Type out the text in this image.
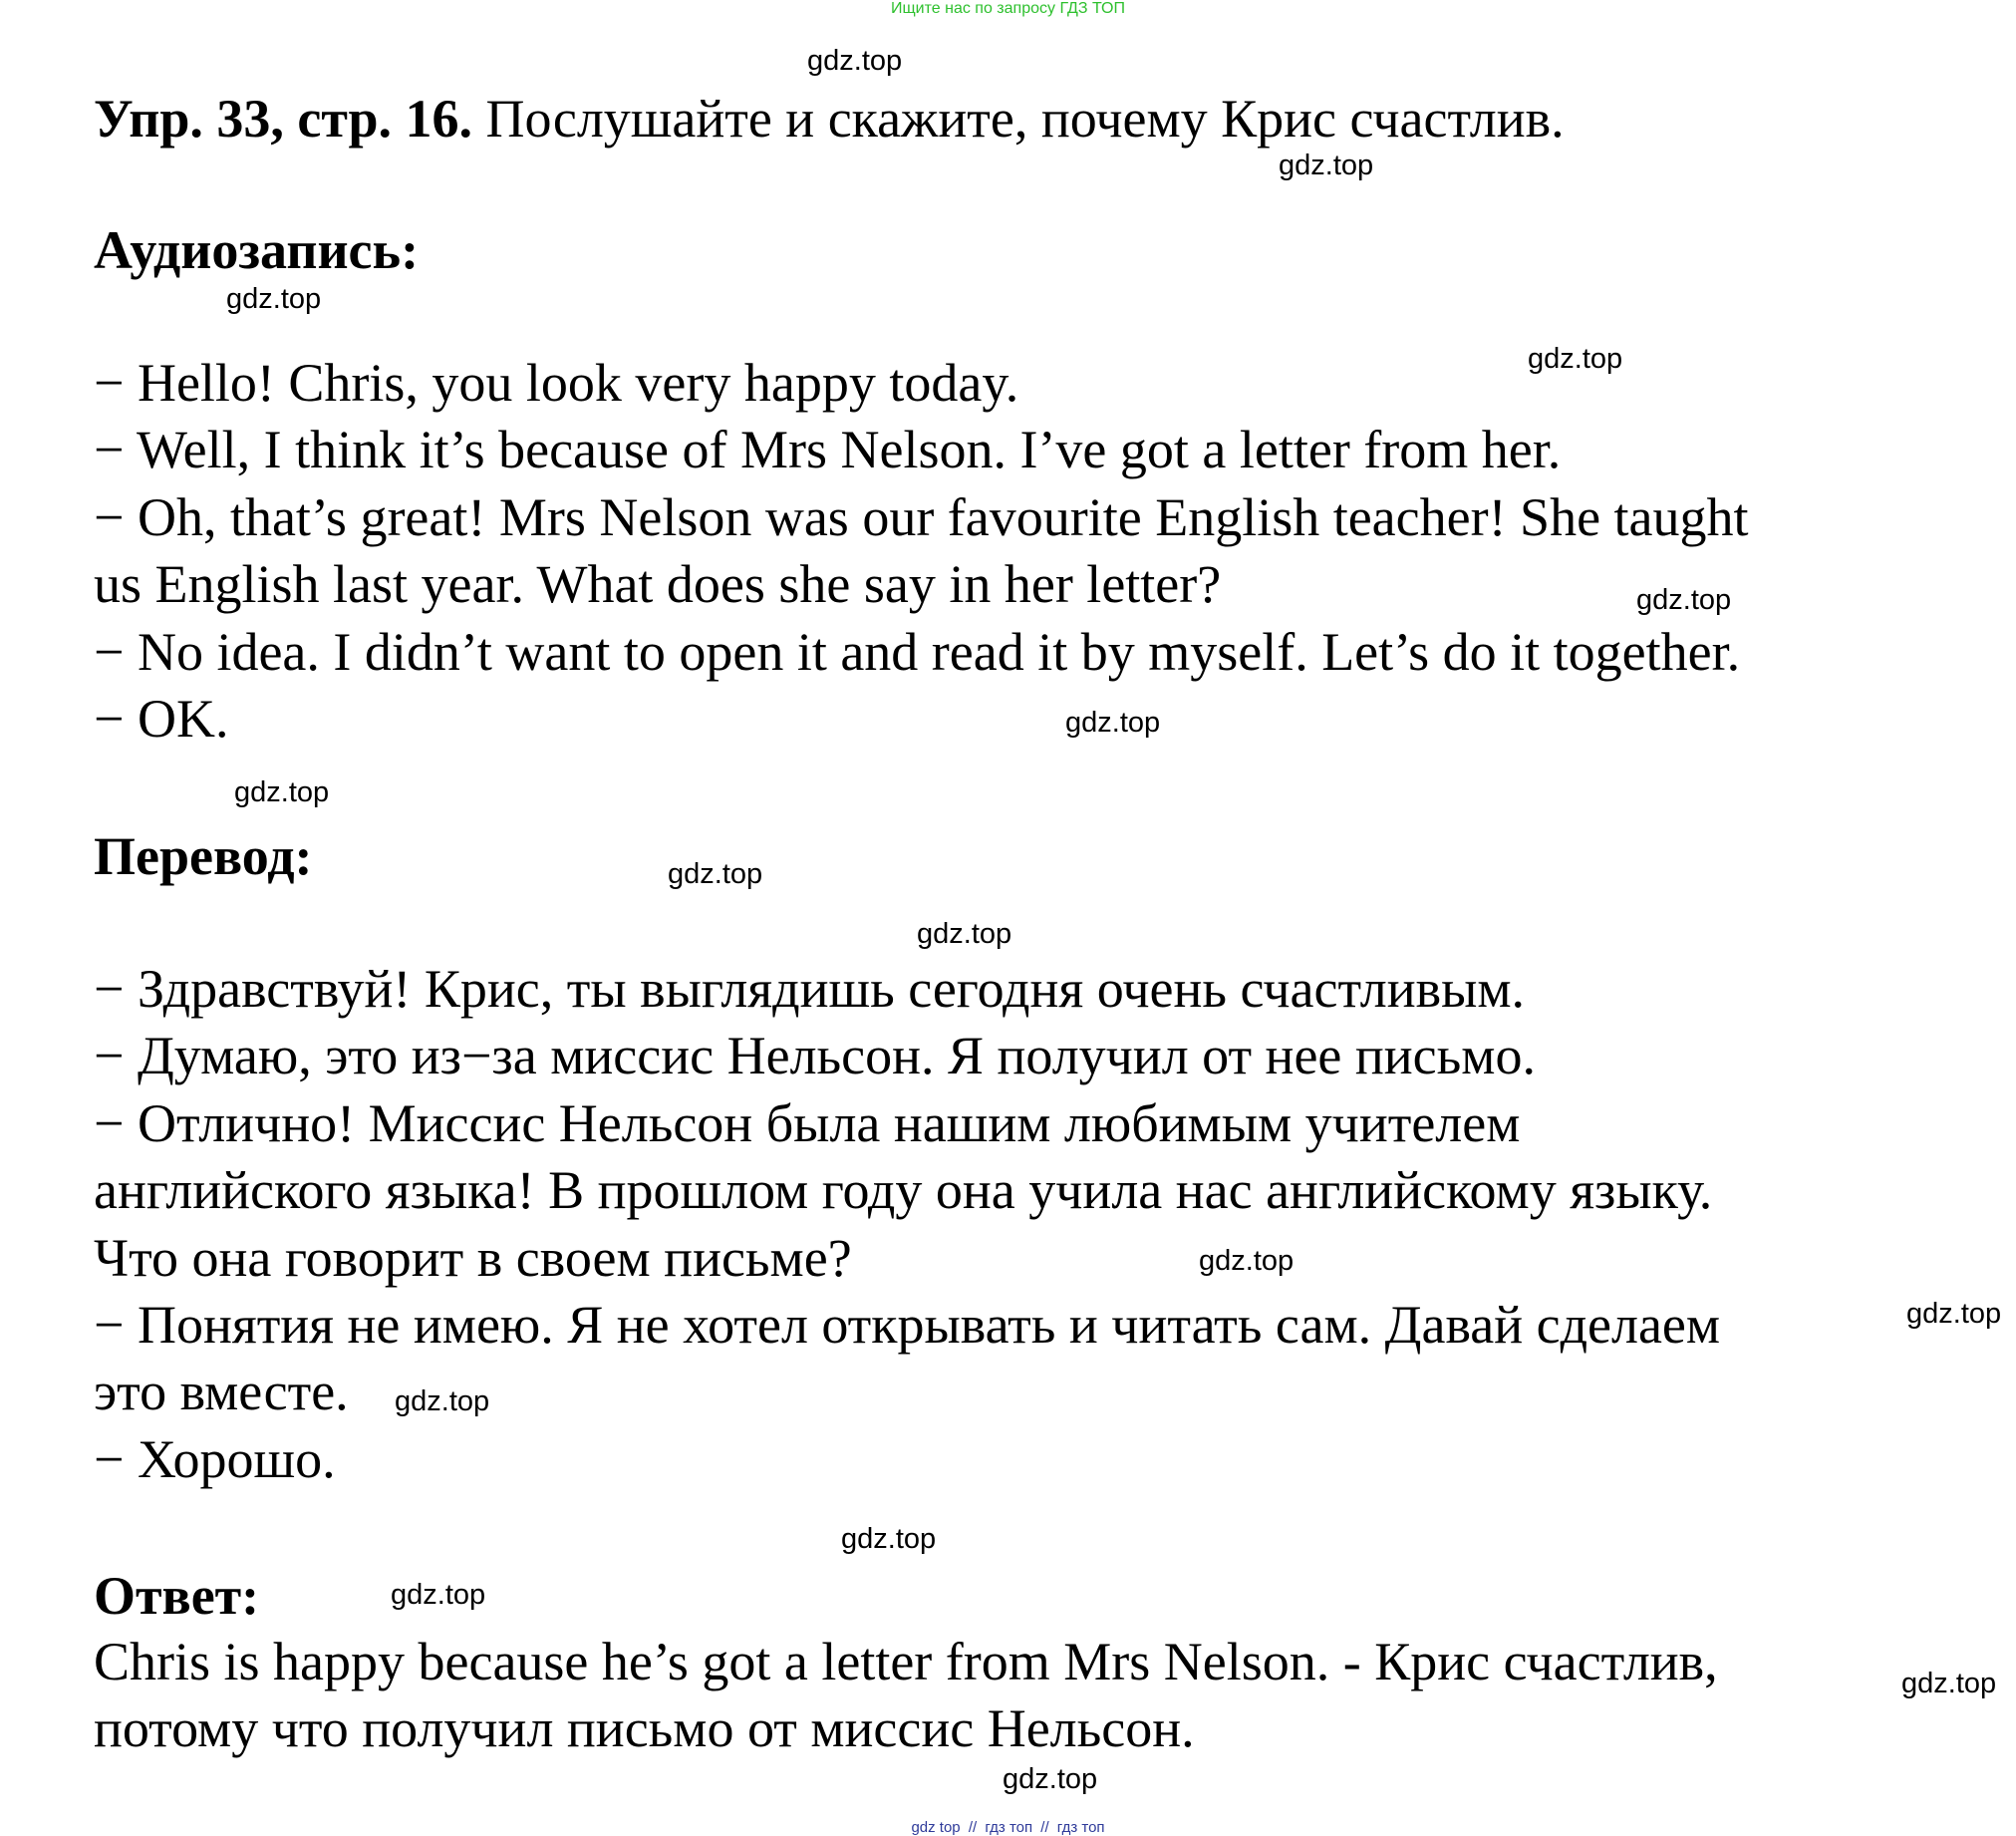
Ищите нас по запросу ГДЗ ТОП
Упр. 33, стр. 16. Послушайте и скажите, почему Крис счастлив.
Аудиозапись:
− Hello! Chris, you look very happy today.
− Well, I think it’s because of Mrs Nelson. I’ve got a letter from her.
− Oh, that’s great! Mrs Nelson was our favourite English teacher! She taught
us English last year. What does she say in her letter?
− No idea. I didn’t want to open it and read it by myself. Let’s do it together.
− OK.
Перевод:
− Здравствуй! Крис, ты выглядишь сегодня очень счастливым.
− Думаю, это из−за миссис Нельсон. Я получил от нее письмо.
− Отлично! Миссис Нельсон была нашим любимым учителем
английского языка! В прошлом году она учила нас английскому языку.
Что она говорит в своем письме?
− Понятия не имею. Я не хотел открывать и читать сам. Давай сделаем
это вместе.
− Хорошо.
Ответ:
Chris is happy because he’s got a letter from Mrs Nelson. - Крис счастлив,
потому что получил письмо от миссис Нельсон.
gdz.top
gdz.top
gdz.top
gdz.top
gdz.top
gdz.top
gdz.top
gdz.top
gdz.top
gdz.top
gdz.top
gdz.top
gdz.top
gdz.top
gdz.top
gdz.top
gdz top // гдз топ // гдз топ
